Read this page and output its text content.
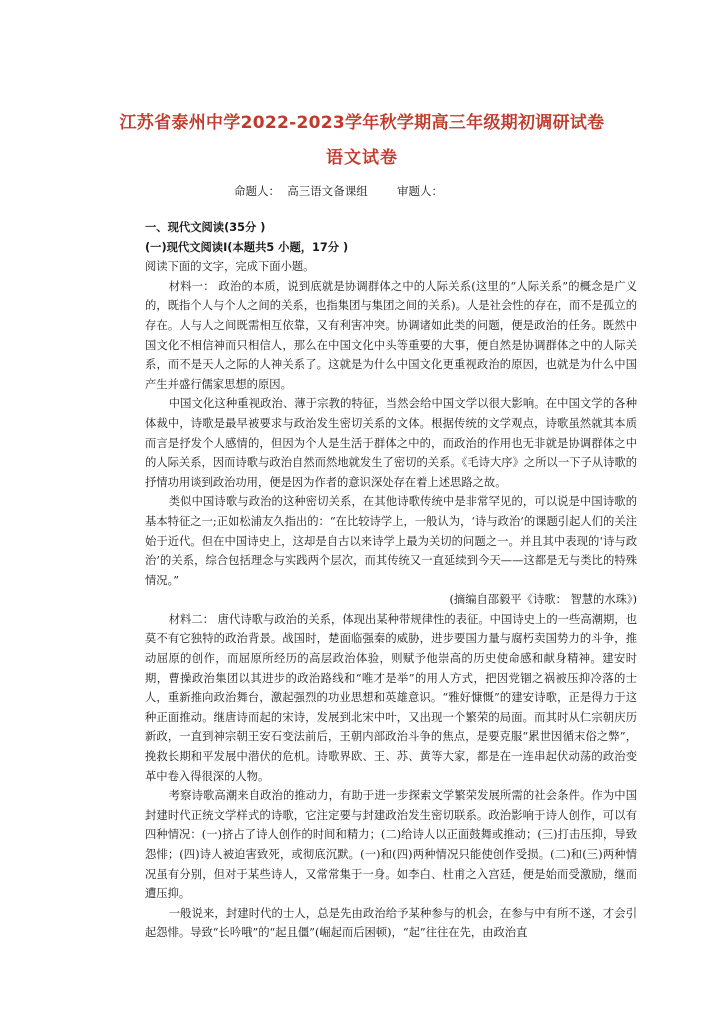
江苏省泰州中学2022-2023学年秋学期高三年级期初调研试卷
语文试卷
命题人：  高三语文备课组        审题人：

一、现代文阅读(35分 )

(一)现代文阅读Ⅰ(本题共5 小题，17分 )

阅读下面的文字，完成下面小题。

材料一： 政治的本质，说到底就是协调群体之中的人际关系(这里的“人际关系”的概念是广义的，既指个人与个人之间的关系，也指集团与集团之间的关系)。人是社会性的存在，而不是孤立的存在。人与人之间既需相互依靠，又有利害冲突。协调诸如此类的问题，便是政治的任务。既然中国文化不相信神而只相信人，那么在中国文化中头等重要的大事，便自然是协调群体之中的人际关系，而不是天人之际的人神关系了。这就是为什么中国文化更重视政治的原因，也就是为什么中国产生并盛行儒家思想的原因。

中国文化这种重视政治、薄于宗教的特征，当然会给中国文学以很大影响。在中国文学的各种体裁中，诗歌是最早被要求与政治发生密切关系的文体。根据传统的文学观点，诗歌虽然就其本质而言是抒发个人感情的，但因为个人是生活于群体之中的，而政治的作用也无非就是协调群体之中的人际关系，因而诗歌与政治自然而然地就发生了密切的关系。《毛诗大序》之所以一下子从诗歌的抒情功用谈到政治功用，便是因为作者的意识深处存在着上述思路之故。

类似中国诗歌与政治的这种密切关系，在其他诗歌传统中是非常罕见的，可以说是中国诗歌的基本特征之一;正如松浦友久指出的：“在比较诗学上，一般认为，‘诗与政治’的课题引起人们的关注始于近代。但在中国诗史上，这却是自古以来诗学上最为关切的问题之一。并且其中表现的‘诗与政治’的关系，综合包括理念与实践两个层次，而其传统又一直延续到今天——这都是无与类比的特殊情况。”

(摘编自邵毅平《诗歌： 智慧的水珠》)

材料二： 唐代诗歌与政治的关系，体现出某种带规律性的表征。中国诗史上的一些高潮期，也莫不有它独特的政治背景。战国时，楚面临强秦的威胁，进步要国力量与腐朽卖国势力的斗争，推动屈原的创作，而屈原所经历的高层政治体验，则赋予他崇高的历史使命感和献身精神。建安时期，曹操政治集团以其进步的政治路线和“唯才是举”的用人方式，把因党锢之祸被压抑冷落的士人，重新推向政治舞台，激起强烈的功业思想和英雄意识。“雅好慷慨”的建安诗歌，正是得力于这种正面推动。继唐诗而起的宋诗，发展到北宋中叶，又出现一个繁荣的局面。而其时从仁宗朝庆历新政，一直到神宗朝王安石变法前后，王朝内部政治斗争的焦点，是要克服“累世因循末俗之弊”，挽救长期和平发展中潜伏的危机。诗歌界欧、王、苏、黄等大家，都是在一连串起伏动荡的政治变革中卷入得很深的人物。

考察诗歌高潮来自政治的推动力，有助于进一步探索文学繁荣发展所需的社会条件。作为中国封建时代正统文学样式的诗歌，它注定要与封建政治发生密切联系。政治影响于诗人创作，可以有四种情况：(一)挤占了诗人创作的时间和精力；(二)给诗人以正面鼓舞或推动；(三)打击压抑，导致怨悱；(四)诗人被迫害致死，或彻底沉默。(一)和(四)两种情况只能使创作受损。(二)和(三)两种情况虽有分别，但对于某些诗人，又常常集于一身。如李白、杜甫之入宫廷，便是始而受激励，继而遭压抑。

一般说来，封建时代的士人，总是先由政治给予某种参与的机会，在参与中有所不遂，才会引起怨悱。导致“长吟哦”的“起且僵”(崛起而后困顿)，“起”往往在先，由政治直
